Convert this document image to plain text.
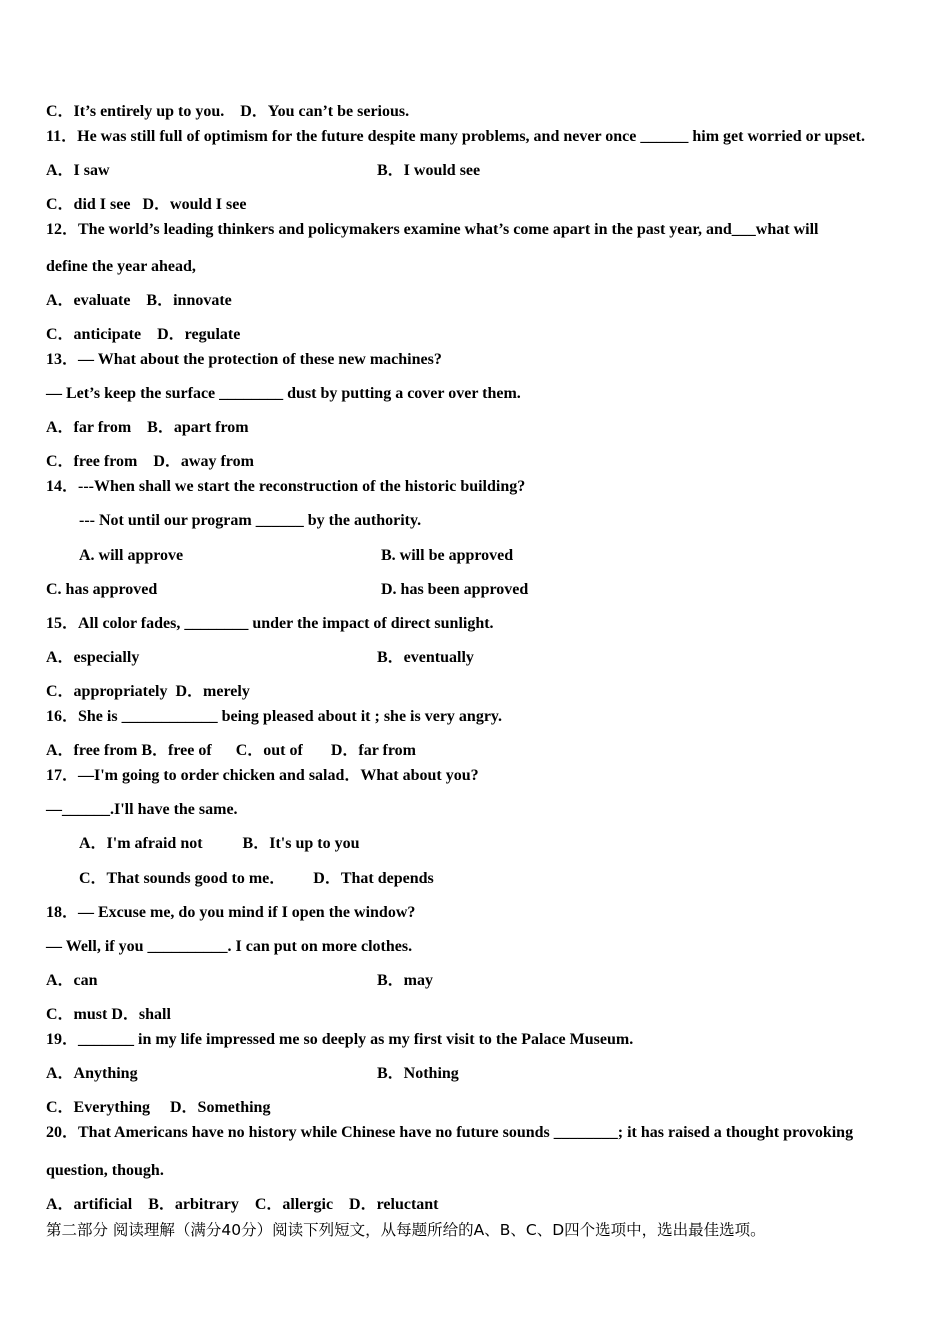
C．It’s entirely up to you.    D．You can’t be serious.
11．He was still full of optimism for the future despite many problems, and never once ______ him get worried or upset.
A．I saw	B．I would see
C．did I see   D．would I see
12．The world’s leading thinkers and policymakers examine what’s come apart in the past year, and___what will
define the year ahead,
A．evaluate    B．innovate
C．anticipate    D．regulate
13．— What about the protection of these new machines?
— Let’s keep the surface ________ dust by putting a cover over them.
A．far from    B．apart from
C．free from    D．away from
14．---When shall we start the reconstruction of the historic building?
--- Not until our program ______ by the authority.
A. will approve	B. will be approved
C. has approved	D. has been approved
15．All color fades, ________ under the impact of direct sunlight.
A．especially	B．eventually
C．appropriately  D．merely
16．She is ____________ being pleased about it ; she is very angry.
A．free from B．free of      C．out of       D．far from
17．—I'm going to order chicken and salad．What about you?
—______.I'll have the same.
A．I'm afraid not          B．It's up to you
C．That sounds good to me．       D．That depends
18．— Excuse me, do you mind if I open the window?
— Well, if you __________. I can put on more clothes.
A．can	B．may
C．must D．shall
19．_______ in my life impressed me so deeply as my first visit to the Palace Museum.
A．Anything	B．Nothing
C．Everything     D．Something
20．That Americans have no history while Chinese have no future sounds ________; it has raised a thought provoking
question, though.
A．artificial    B．arbitrary    C．allergic    D．reluctant
第二部分 阅读理解（满分40分）阅读下列短文，从每题所给的A、B、C、D四个选项中，选出最佳选项。
